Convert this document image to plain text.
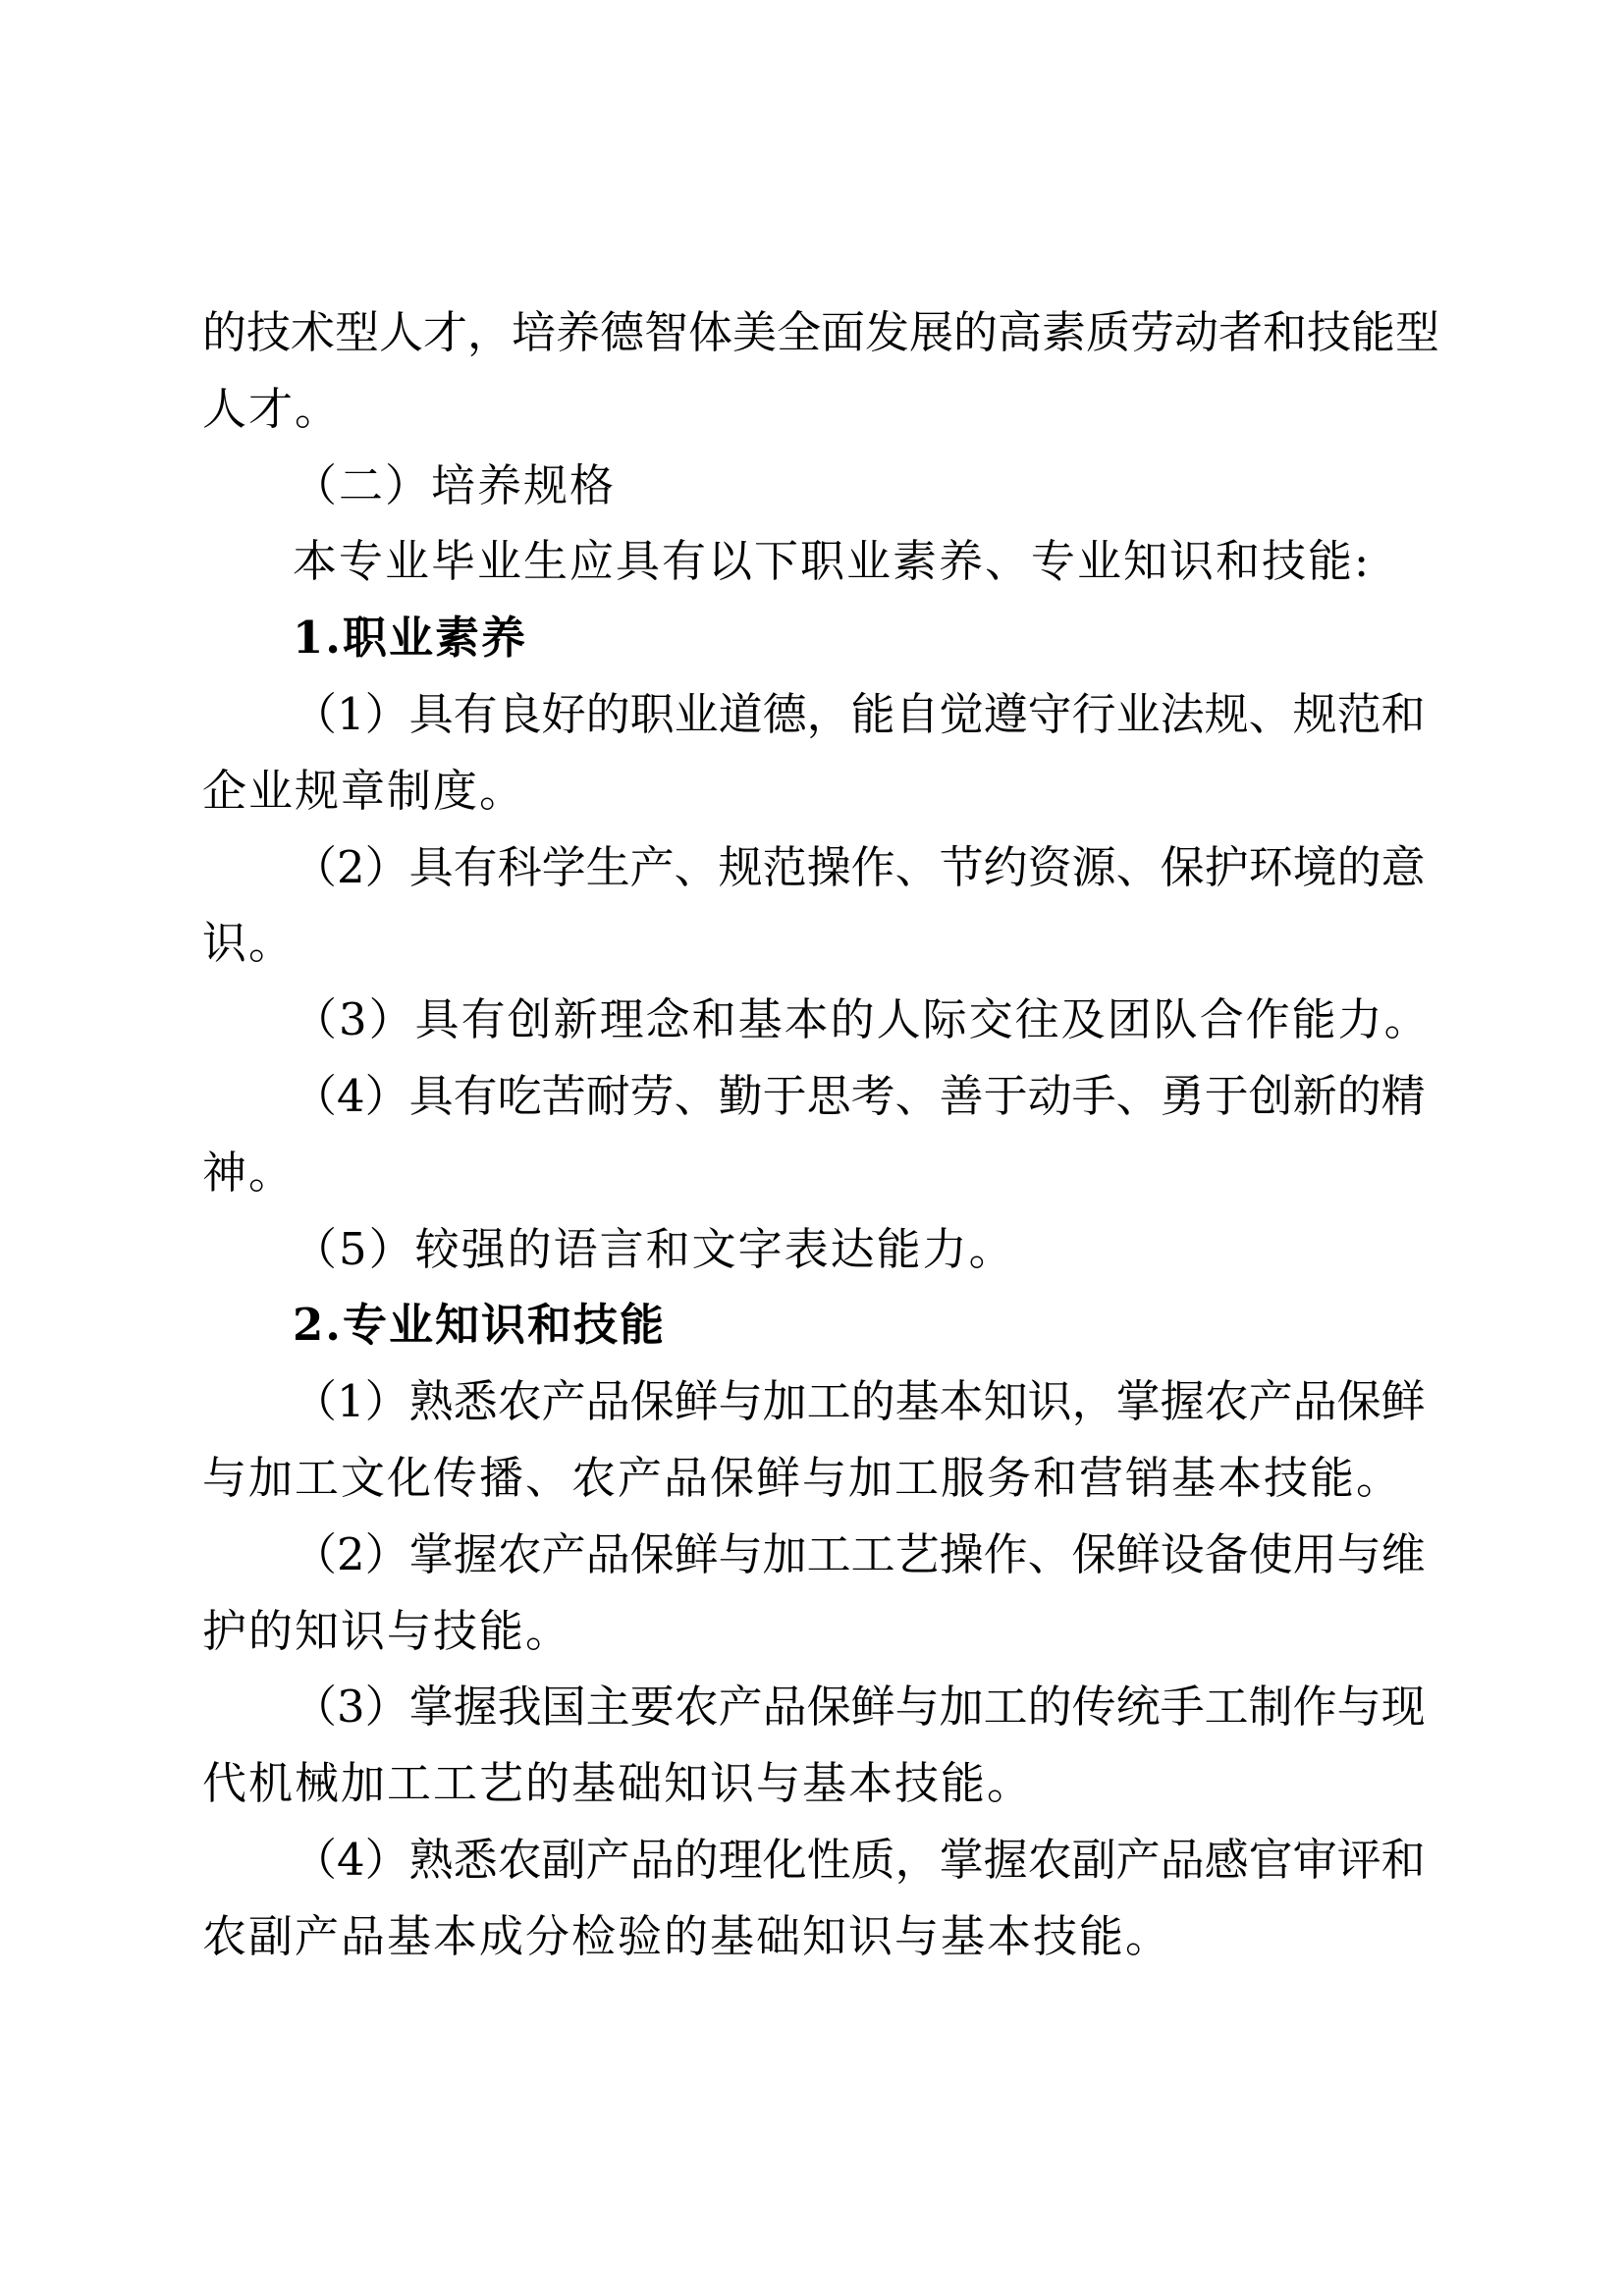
的技术型人才，培养德智体美全面发展的高素质劳动者和技能型
人才。
（二）培养规格
本专业毕业生应具有以下职业素养、专业知识和技能:
1.职业素养
（1）具有良好的职业道德，能自觉遵守行业法规、规范和
企业规章制度。
（2）具有科学生产、规范操作、节约资源、保护环境的意
识。
（3）具有创新理念和基本的人际交往及团队合作能力。
（4）具有吃苦耐劳、勤于思考、善于动手、勇于创新的精
神。
（5）较强的语言和文字表达能力。
2.专业知识和技能
（1）熟悉农产品保鲜与加工的基本知识，掌握农产品保鲜
与加工文化传播、农产品保鲜与加工服务和营销基本技能。
（2）掌握农产品保鲜与加工工艺操作、保鲜设备使用与维
护的知识与技能。
（3）掌握我国主要农产品保鲜与加工的传统手工制作与现
代机械加工工艺的基础知识与基本技能。
（4）熟悉农副产品的理化性质，掌握农副产品感官审评和
农副产品基本成分检验的基础知识与基本技能。
